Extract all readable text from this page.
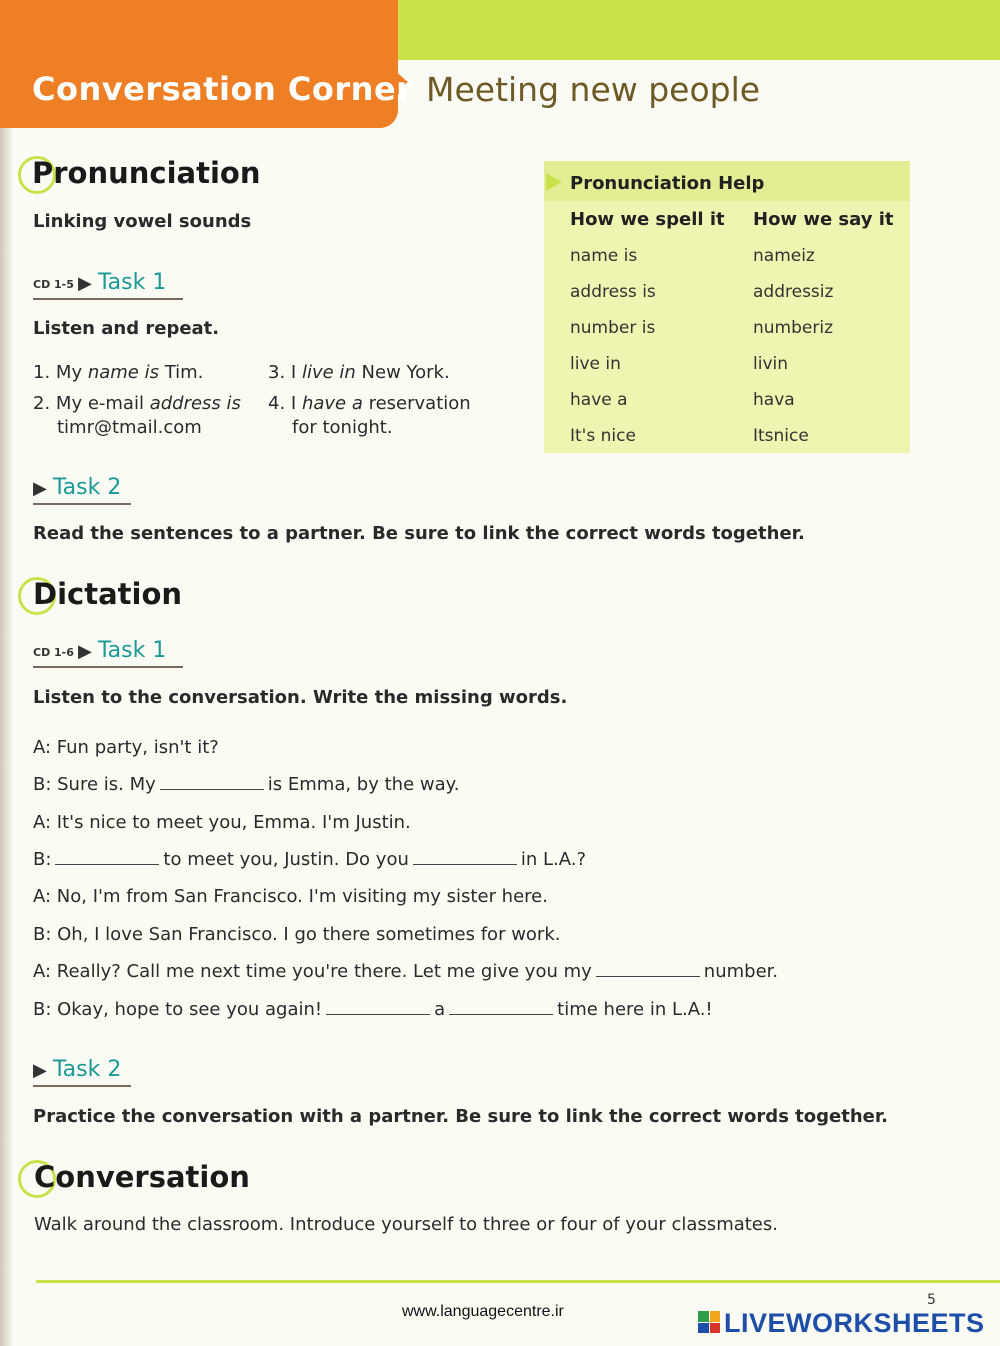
Conversation Corner Meeting new people
Pronunciation
Linking vowel sounds
CD 1-5 ▶ Task 1
Listen and repeat.
1. My name is Tim.
2. My e-mail address is
timr@tmail.com
3. I live in New York.
4. I have a reservation
for tonight.
▶ Task 2
Read the sentences to a partner. Be sure to link the correct words together.
Pronunciation Help
How we spell it How we say it
name is	nameiz
address is	addressiz
number is	numberiz
live in	livin
have a	hava
It's nice	Itsnice
Dictation
CD 1-6 ▶ Task 1
Listen to the conversation. Write the missing words.
A: Fun party, isn't it?
B: Sure is. My	is Emma, by the way.
A: It's nice to meet you, Emma. I'm Justin.
B:	to meet you, Justin. Do you	in L.A.?
A: No, I'm from San Francisco. I'm visiting my sister here.
B: Oh, I love San Francisco. I go there sometimes for work.
A: Really? Call me next time you're there. Let me give you my	number.
B: Okay, hope to see you again!	a	time here in L.A.!
▶ Task 2
Practice the conversation with a partner. Be sure to link the correct words together.
Conversation
Walk around the classroom. Introduce yourself to three or four of your classmates.
5
www.languagecentre.ir	LIVEWORKSHEETS
